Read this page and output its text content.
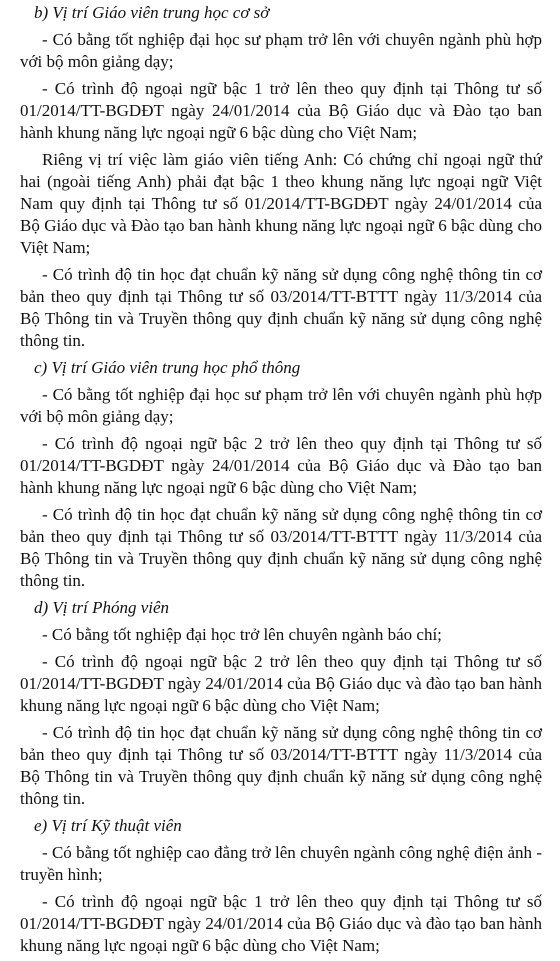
b) Vị trí Giáo viên trung học cơ sở
- Có bằng tốt nghiệp đại học sư phạm trở lên với chuyên ngành phù hợp với bộ môn giảng dạy;
- Có trình độ ngoại ngữ bậc 1 trở lên theo quy định tại Thông tư số 01/2014/TT-BGDĐT ngày 24/01/2014 của Bộ Giáo dục và Đào tạo ban hành khung năng lực ngoại ngữ 6 bậc dùng cho Việt Nam;
Riêng vị trí việc làm giáo viên tiếng Anh: Có chứng chỉ ngoại ngữ thứ hai (ngoài tiếng Anh) phải đạt bậc 1 theo khung năng lực ngoại ngữ Việt Nam quy định tại Thông tư số 01/2014/TT-BGDĐT ngày 24/01/2014 của Bộ Giáo dục và Đào tạo ban hành khung năng lực ngoại ngữ 6 bậc dùng cho Việt Nam;
- Có trình độ tin học đạt chuẩn kỹ năng sử dụng công nghệ thông tin cơ bản theo quy định tại Thông tư số 03/2014/TT-BTTT ngày 11/3/2014 của Bộ Thông tin và Truyền thông quy định chuẩn kỹ năng sử dụng công nghệ thông tin.
c) Vị trí Giáo viên trung học phổ thông
- Có bằng tốt nghiệp đại học sư phạm trở lên với chuyên ngành phù hợp với bộ môn giảng dạy;
- Có trình độ ngoại ngữ bậc 2 trở lên theo quy định tại Thông tư số 01/2014/TT-BGDĐT ngày 24/01/2014 của Bộ Giáo dục và Đào tạo ban hành khung năng lực ngoại ngữ 6 bậc dùng cho Việt Nam;
- Có trình độ tin học đạt chuẩn kỹ năng sử dụng công nghệ thông tin cơ bản theo quy định tại Thông tư số 03/2014/TT-BTTT ngày 11/3/2014 của Bộ Thông tin và Truyền thông quy định chuẩn kỹ năng sử dụng công nghệ thông tin.
d) Vị trí Phóng viên
- Có bằng tốt nghiệp đại học trở lên chuyên ngành báo chí;
- Có trình độ ngoại ngữ bậc 2 trở lên theo quy định tại Thông tư số 01/2014/TT-BGDĐT ngày 24/01/2014 của Bộ Giáo dục và đào tạo ban hành khung năng lực ngoại ngữ 6 bậc dùng cho Việt Nam;
- Có trình độ tin học đạt chuẩn kỹ năng sử dụng công nghệ thông tin cơ bản theo quy định tại Thông tư số 03/2014/TT-BTTT ngày 11/3/2014 của Bộ Thông tin và Truyền thông quy định chuẩn kỹ năng sử dụng công nghệ thông tin.
e) Vị trí Kỹ thuật viên
- Có bằng tốt nghiệp cao đẳng trở lên chuyên ngành công nghệ điện ảnh - truyền hình;
- Có trình độ ngoại ngữ bậc 1 trở lên theo quy định tại Thông tư số 01/2014/TT-BGDĐT ngày 24/01/2014 của Bộ Giáo dục và đào tạo ban hành khung năng lực ngoại ngữ 6 bậc dùng cho Việt Nam;
